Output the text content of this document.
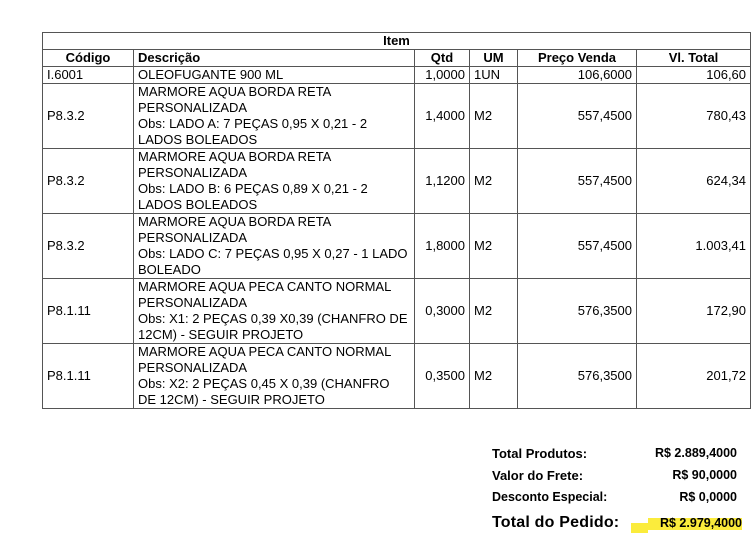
Item					
Código	Descrição	Qtd	UM	Preço Venda	Vl. Total
I.6001	OLEOFUGANTE 900 ML	1,0000	1UN	106,6000	106,60
P8.3.2	MARMORE AQUA BORDA RETA
PERSONALIZADA
Obs: LADO A: 7 PEÇAS 0,95 X 0,21 - 2
LADOS BOLEADOS	1,4000	M2	557,4500	780,43
P8.3.2	MARMORE AQUA BORDA RETA
PERSONALIZADA
Obs: LADO B: 6 PEÇAS 0,89 X 0,21 - 2
LADOS BOLEADOS	1,1200	M2	557,4500	624,34
P8.3.2	MARMORE AQUA BORDA RETA
PERSONALIZADA
Obs: LADO C: 7 PEÇAS 0,95 X 0,27 - 1 LADO
BOLEADO	1,8000	M2	557,4500	1.003,41
P8.1.11	MARMORE AQUA PECA CANTO NORMAL
PERSONALIZADA
Obs: X1: 2 PEÇAS 0,39 X0,39 (CHANFRO DE
12CM) - SEGUIR PROJETO	0,3000	M2	576,3500	172,90
P8.1.11	MARMORE AQUA PECA CANTO NORMAL
PERSONALIZADA
Obs: X2: 2 PEÇAS 0,45 X 0,39 (CHANFRO
DE 12CM) - SEGUIR PROJETO	0,3500	M2	576,3500	201,72
Total Produtos:	R$ 2.889,4000
Valor do Frete:	R$ 90,0000
Desconto Especial:	R$ 0,0000
Total do Pedido:	R$ 2.979,4000
